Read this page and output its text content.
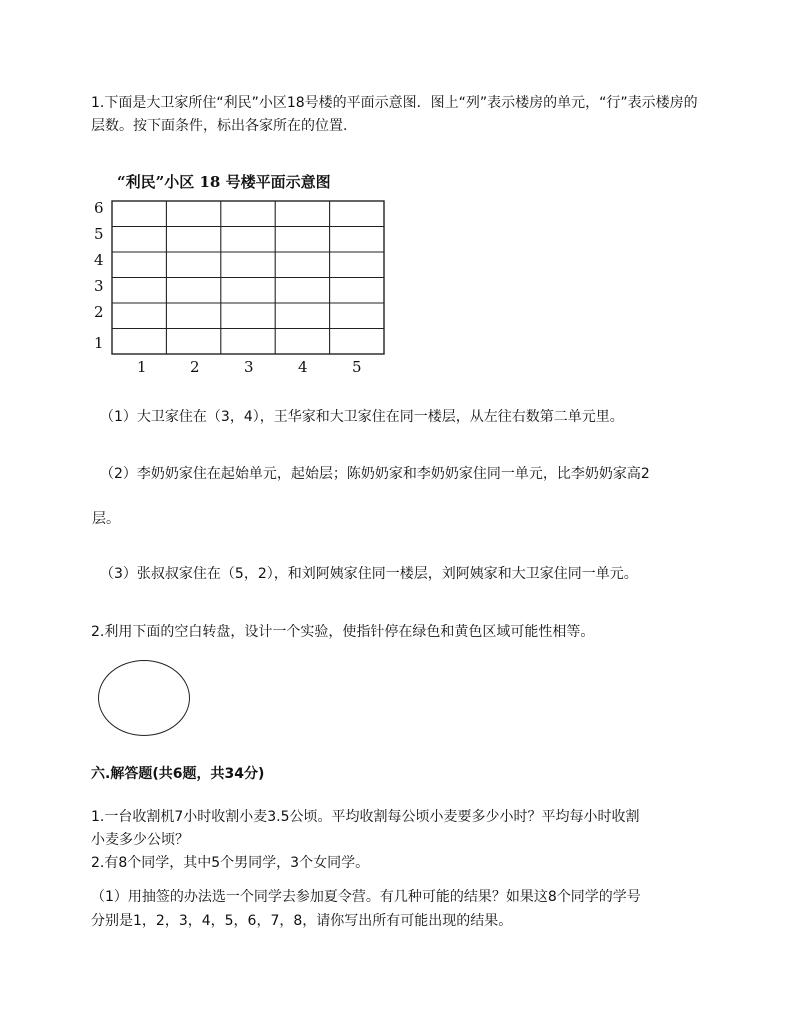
1.下面是大卫家所住“利民”小区18号楼的平面示意图．图上“列”表示楼房的单元，“行”表示楼房的层数。按下面条件，标出各家所在的位置.
“利民”小区 18 号楼平面示意图
6
5
4
3
2
1
1	2	3	4	5
（1）大卫家住在（3，4），王华家和大卫家住在同一楼层，从左往右数第二单元里。
（2）李奶奶家住在起始单元，起始层；陈奶奶家和李奶奶家住同一单元，比李奶奶家高2
层。
（3）张叔叔家住在（5，2），和刘阿姨家住同一楼层，刘阿姨家和大卫家住同一单元。
2.利用下面的空白转盘，设计一个实验，使指针停在绿色和黄色区域可能性相等。
六.解答题(共6题，共34分)
1.一台收割机7小时收割小麦3.5公顷。平均收割每公顷小麦要多少小时？平均每小时收割
小麦多少公顷？
2.有8个同学，其中5个男同学，3个女同学。
（1）用抽签的办法选一个同学去参加夏令营。有几种可能的结果？如果这8个同学的学号
分别是1，2，3，4，5，6，7，8，请你写出所有可能出现的结果。
